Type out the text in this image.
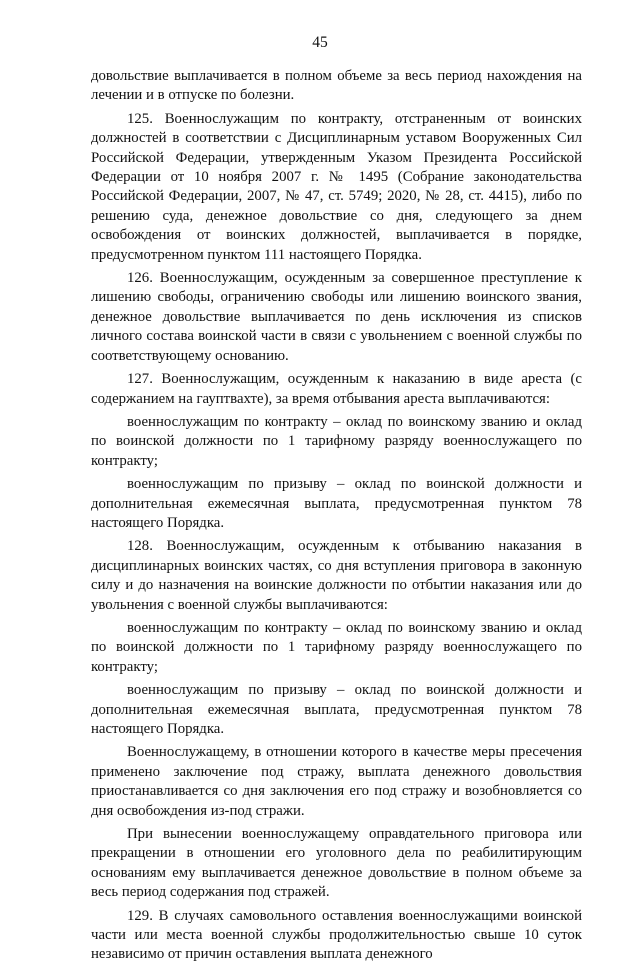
45

довольствие выплачивается в полном объеме за весь период нахождения на лечении и в отпуске по болезни.

125. Военнослужащим по контракту, отстраненным от воинских должностей в соответствии с Дисциплинарным уставом Вооруженных Сил Российской Федерации, утвержденным Указом Президента Российской Федерации от 10 ноября 2007 г. № 1495 (Собрание законодательства Российской Федерации, 2007, № 47, ст. 5749; 2020, № 28, ст. 4415), либо по решению суда, денежное довольствие со дня, следующего за днем освобождения от воинских должностей, выплачивается в порядке, предусмотренном пунктом 111 настоящего Порядка.

126. Военнослужащим, осужденным за совершенное преступление к лишению свободы, ограничению свободы или лишению воинского звания, денежное довольствие выплачивается по день исключения из списков личного состава воинской части в связи с увольнением с военной службы по соответствующему основанию.

127. Военнослужащим, осужденным к наказанию в виде ареста (с содержанием на гауптвахте), за время отбывания ареста выплачиваются:

военнослужащим по контракту – оклад по воинскому званию и оклад по воинской должности по 1 тарифному разряду военнослужащего по контракту;

военнослужащим по призыву – оклад по воинской должности и дополнительная ежемесячная выплата, предусмотренная пунктом 78 настоящего Порядка.

128. Военнослужащим, осужденным к отбыванию наказания в дисциплинарных воинских частях, со дня вступления приговора в законную силу и до назначения на воинские должности по отбытии наказания или до увольнения с военной службы выплачиваются:

военнослужащим по контракту – оклад по воинскому званию и оклад по воинской должности по 1 тарифному разряду военнослужащего по контракту;

военнослужащим по призыву – оклад по воинской должности и дополнительная ежемесячная выплата, предусмотренная пунктом 78 настоящего Порядка.

Военнослужащему, в отношении которого в качестве меры пресечения применено заключение под стражу, выплата денежного довольствия приостанавливается со дня заключения его под стражу и возобновляется со дня освобождения из-под стражи.

При вынесении военнослужащему оправдательного приговора или прекращении в отношении его уголовного дела по реабилитирующим основаниям ему выплачивается денежное довольствие в полном объеме за весь период содержания под стражей.

129. В случаях самовольного оставления военнослужащими воинской части или места военной службы продолжительностью свыше 10 суток независимо от причин оставления выплата денежного
